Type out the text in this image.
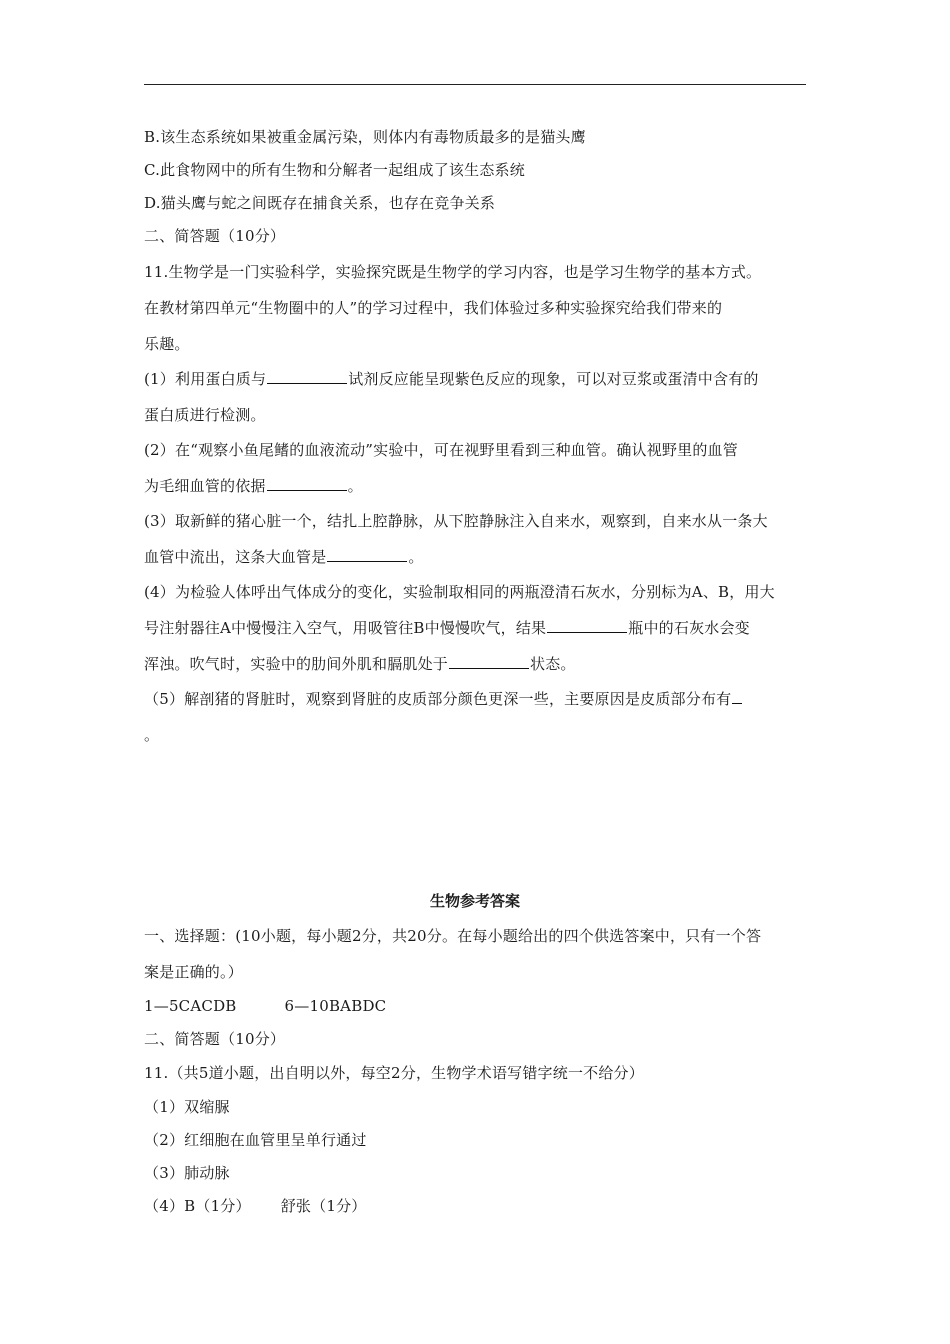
B.该生态系统如果被重金属污染，则体内有毒物质最多的是猫头鹰
C.此食物网中的所有生物和分解者一起组成了该生态系统
D.猫头鹰与蛇之间既存在捕食关系，也存在竞争关系
二、简答题（10分）
11.生物学是一门实验科学，实验探究既是生物学的学习内容，也是学习生物学的基本方式。
在教材第四单元“生物圈中的人”的学习过程中，我们体验过多种实验探究给我们带来的
乐趣。
(1）利用蛋白质与	试剂反应能呈现紫色反应的现象，可以对豆浆或蛋清中含有的
蛋白质进行检测。
(2）在“观察小鱼尾鳍的血液流动”实验中，可在视野里看到三种血管。确认视野里的血管
为毛细血管的依据	。
(3）取新鲜的猪心脏一个，结扎上腔静脉，从下腔静脉注入自来水，观察到，自来水从一条大
血管中流出，这条大血管是	。
(4）为检验人体呼出气体成分的变化，实验制取相同的两瓶澄清石灰水，分别标为A、B，用大
号注射器往A中慢慢注入空气，用吸管往B中慢慢吹气，结果	瓶中的石灰水会变
浑浊。吹气时，实验中的肋间外肌和膈肌处于	状态。
（5）解剖猪的肾脏时，观察到肾脏的皮质部分颜色更深一些，主要原因是皮质部分布有
。
生物参考答案
一、选择题：(10小题，每小题2分，共20分。在每小题给出的四个供选答案中，只有一个答
案是正确的。）
1—5CACDB	6—10BABDC
二、简答题（10分）
11.（共5道小题，出自明以外，每空2分，生物学术语写错字统一不给分）
（1）双缩脲
（2）红细胞在血管里呈单行通过
（3）肺动脉
（4）B（1分） 舒张（1分）
